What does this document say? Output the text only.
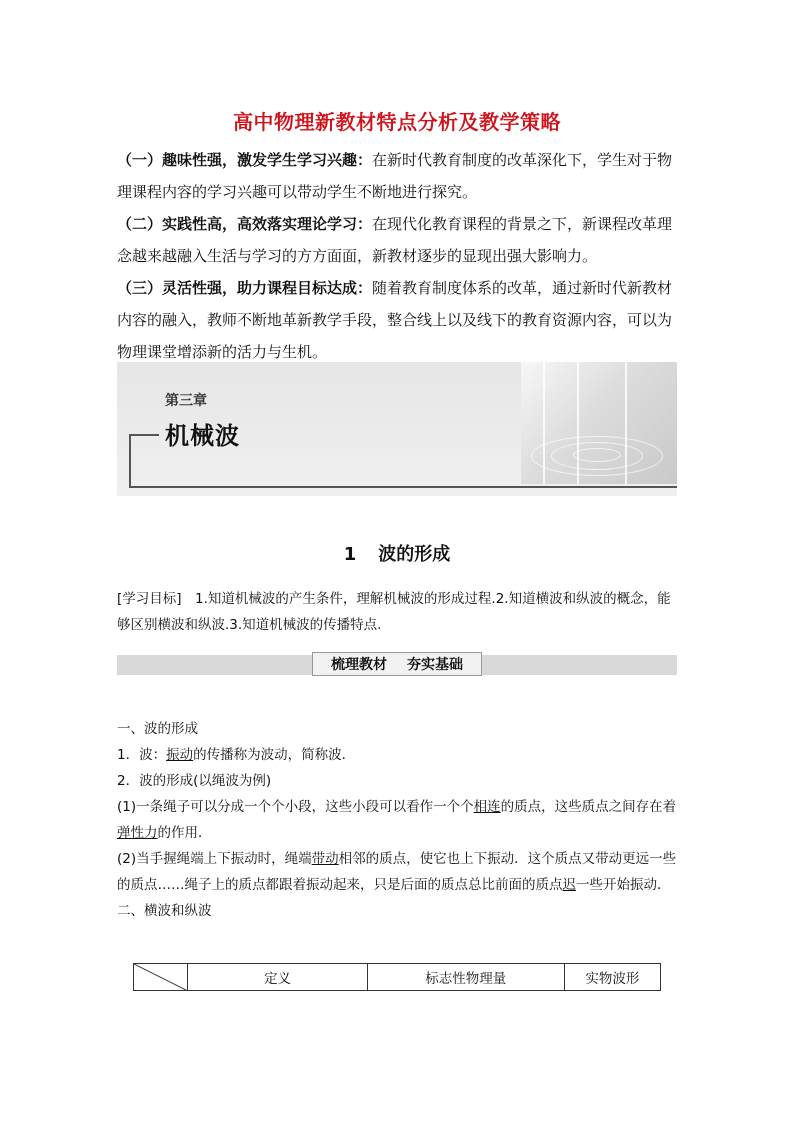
高中物理新教材特点分析及教学策略

（一）趣味性强，激发学生学习兴趣：在新时代教育制度的改革深化下，学生对于物理课程内容的学习兴趣可以带动学生不断地进行探究。

（二）实践性高，高效落实理论学习：在现代化教育课程的背景之下，新课程改革理念越来越融入生活与学习的方方面面，新教材逐步的显现出强大影响力。

（三）灵活性强，助力课程目标达成：随着教育制度体系的改革，通过新时代新教材内容的融入，教师不断地革新教学手段，整合线上以及线下的教育资源内容，可以为物理课堂增添新的活力与生机。

第三章
机械波
1 波的形成
[学习目标]　1.知道机械波的产生条件，理解机械波的形成过程.2.知道横波和纵波的概念，能够区别横波和纵波.3.知道机械波的传播特点.
梳理教材 夯实基础

一、波的形成

1．波：振动的传播称为波动，简称波．

2．波的形成(以绳波为例)

(1)一条绳子可以分成一个个小段，这些小段可以看作一个个相连的质点，这些质点之间存在着弹性力的作用．

(2)当手握绳端上下振动时，绳端带动相邻的质点，使它也上下振动．这个质点又带动更远一些的质点……绳子上的质点都跟着振动起来，只是后面的质点总比前面的质点迟一些开始振动．

二、横波和纵波

	定义	标志性物理量	实物波形
